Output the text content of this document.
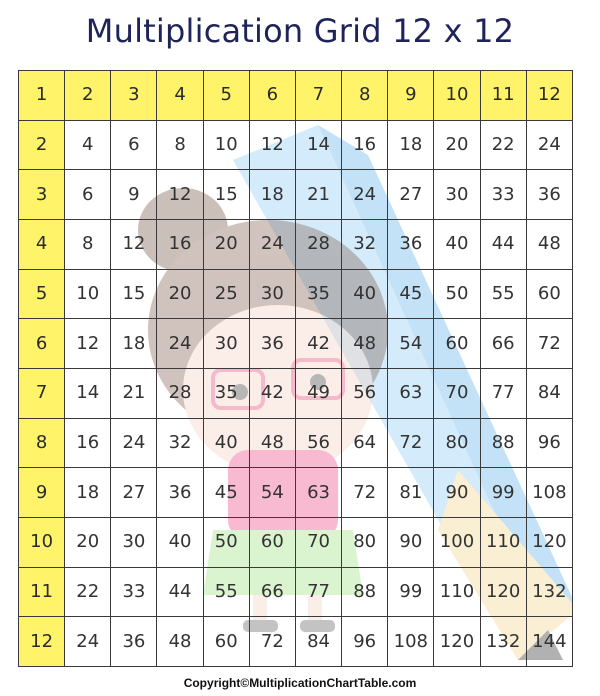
Multiplication Grid 12 x 12
1	2	3	4	5	6	7	8	9	10	11	12
2	4	6	8	10	12	14	16	18	20	22	24
3	6	9	12	15	18	21	24	27	30	33	36
4	8	12	16	20	24	28	32	36	40	44	48
5	10	15	20	25	30	35	40	45	50	55	60
6	12	18	24	30	36	42	48	54	60	66	72
7	14	21	28	35	42	49	56	63	70	77	84
8	16	24	32	40	48	56	64	72	80	88	96
9	18	27	36	45	54	63	72	81	90	99	108
10	20	30	40	50	60	70	80	90	100	110	120
11	22	33	44	55	66	77	88	99	110	120	132
12	24	36	48	60	72	84	96	108	120	132	144
Copyright©MultiplicationChartTable.com
